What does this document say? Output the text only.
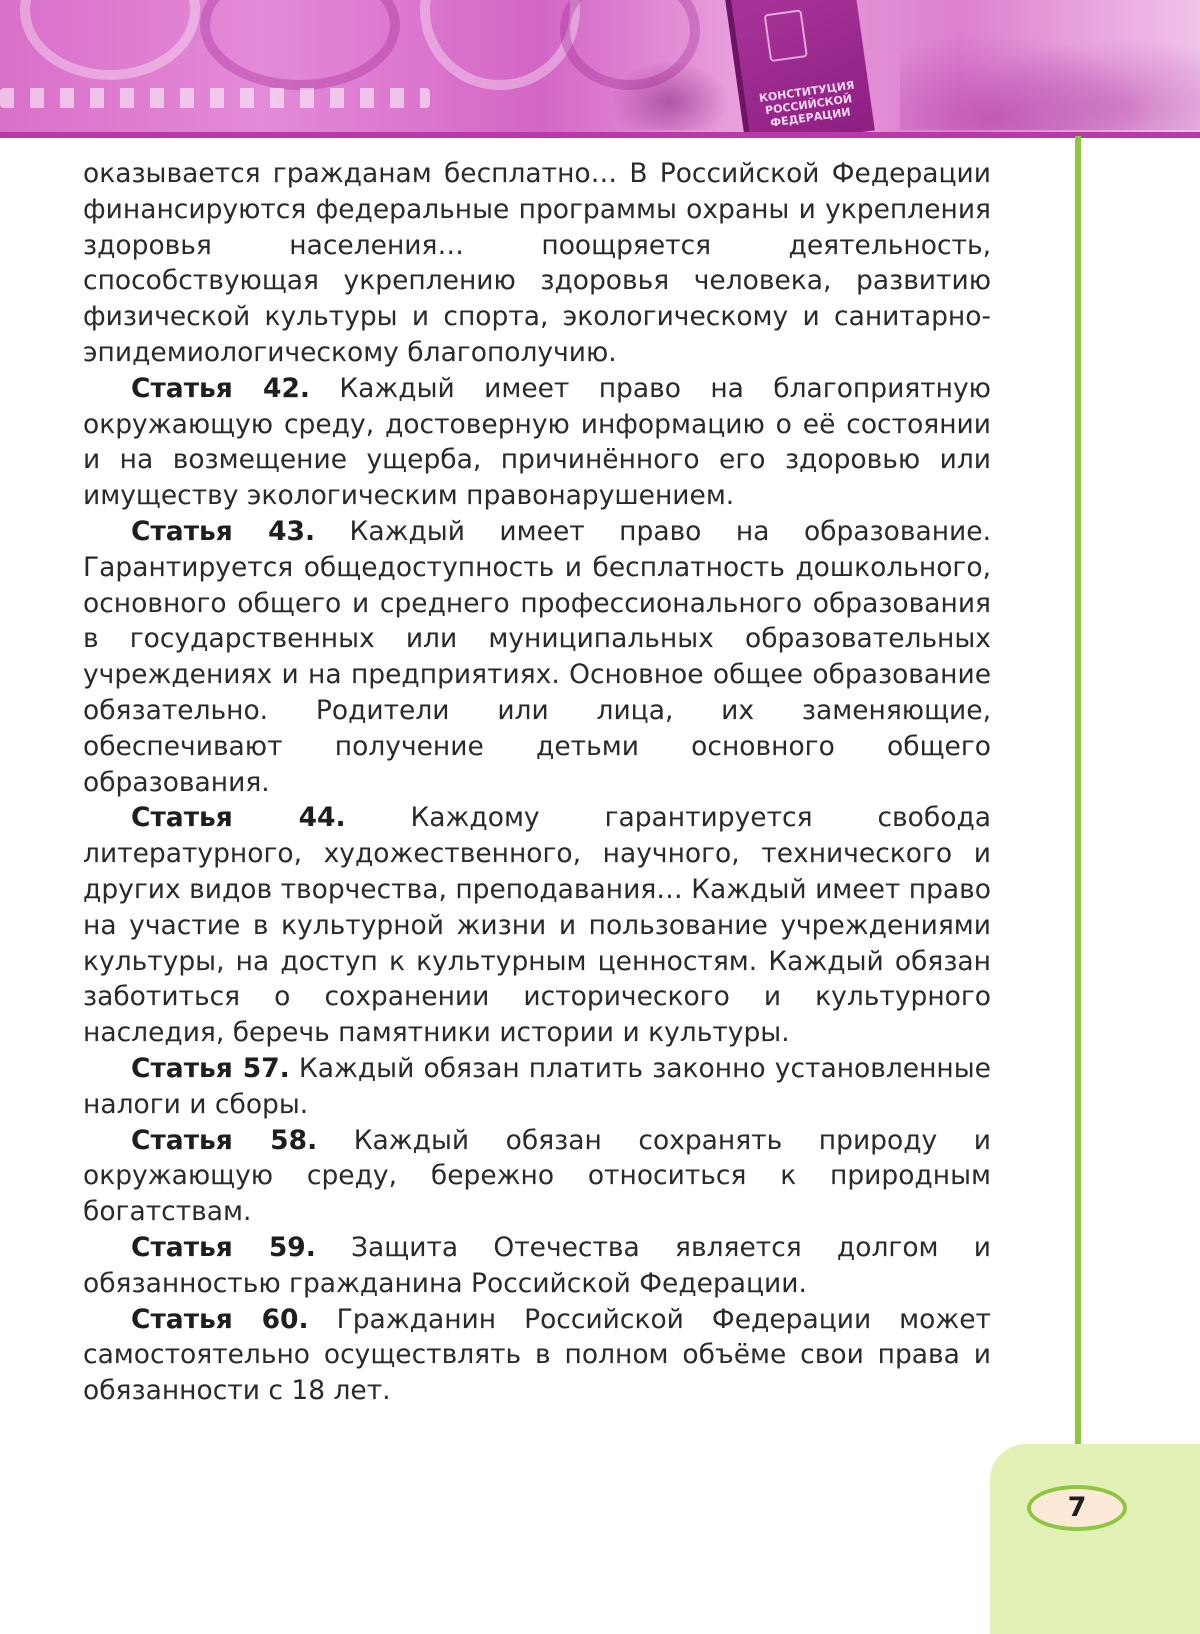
КОНСТИТУЦИЯ РОССИЙСКОЙ ФЕДЕРАЦИИ

оказывается гражданам бесплатно… В Российской Федерации финансируются федеральные программы охраны и укрепления здоровья населения… поощряется деятельность, способствующая укреплению здоровья человека, развитию физической культуры и спорта, экологическому и санитарно-эпидемиологическому благополучию.

Статья 42. Каждый имеет право на благоприятную окружающую среду, достоверную информацию о её состоянии и на возмещение ущерба, причинённого его здоровью или имуществу экологическим правонарушением.

Статья 43. Каждый имеет право на образование. Гарантируется общедоступность и бесплатность дошкольного, основного общего и среднего профессионального образования в государственных или муниципальных образовательных учреждениях и на предприятиях. Основное общее образование обязательно. Родители или лица, их заменяющие, обеспечивают получение детьми основного общего образования.

Статья 44. Каждому гарантируется свобода литературного, художественного, научного, технического и других видов творчества, преподавания… Каждый имеет право на участие в культурной жизни и пользование учреждениями культуры, на доступ к культурным ценностям. Каждый обязан заботиться о сохранении исторического и культурного наследия, беречь памятники истории и культуры.

Статья 57. Каждый обязан платить законно установленные налоги и сборы.

Статья 58. Каждый обязан сохранять природу и окружающую среду, бережно относиться к природным богатствам.

Статья 59. Защита Отечества является долгом и обязанностью гражданина Российской Федерации.

Статья 60. Гражданин Российской Федерации может самостоятельно осуществлять в полном объёме свои права и обязанности с 18 лет.

7
